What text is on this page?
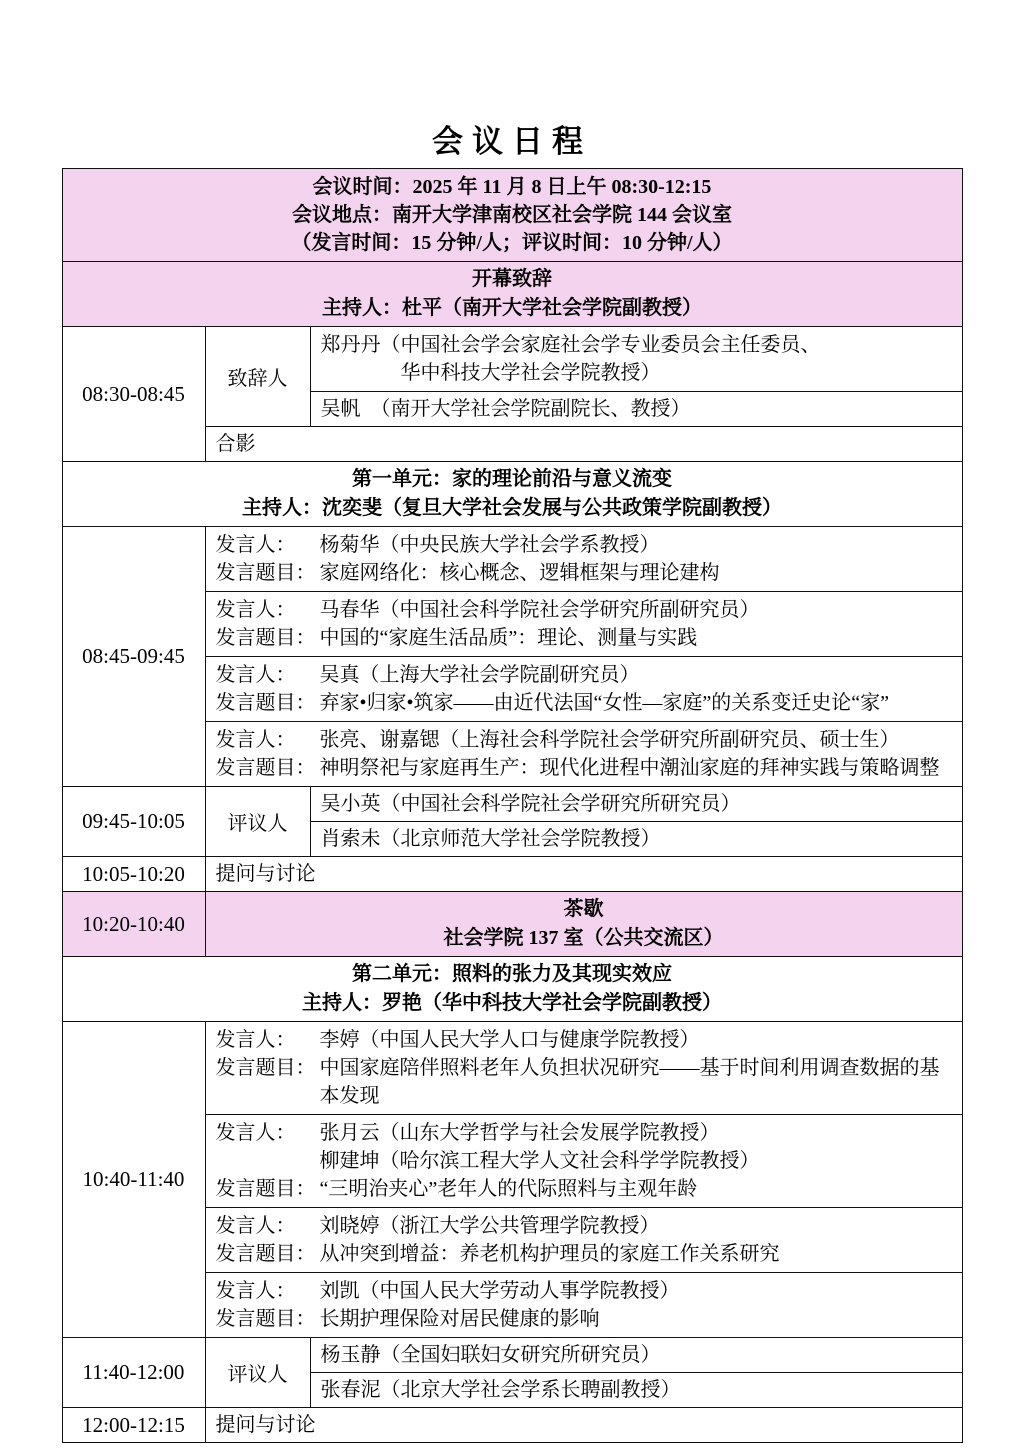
会议日程
会议时间：2025 年 11 月 8 日上午 08:30-12:15
会议地点：南开大学津南校区社会学院 144 会议室
（发言时间：15 分钟/人；评议时间：10 分钟/人）		

开幕致辞
主持人：杜平（南开大学社会学院副教授）		

08:30-08:45	致辞人	郑丹丹（中国社会学会家庭社会学专业委员会主任委员、
华中科技大学社会学院教授）

		吴帆　（南开大学社会学院副院长、教授）
	合影	

第一单元：家的理论前沿与意义流变
主持人：沈奕斐（复旦大学社会发展与公共政策学院副教授）		

08:45-09:45	发言人： 杨菊华（中央民族大学社会学系教授）
发言题目： 家庭网络化：核心概念、逻辑框架与理论建构	

	发言人： 马春华（中国社会科学院社会学研究所副研究员）
发言题目： 中国的“家庭生活品质”：理论、测量与实践	

	发言人： 吴真（上海大学社会学院副研究员）
发言题目： 弃家•归家•筑家——由近代法国“女性—家庭”的关系变迁史论“家”	

	发言人： 张亮、谢嘉锶（上海社会科学院社会学研究所副研究员、硕士生）
发言题目： 神明祭祀与家庭再生产：现代化进程中潮汕家庭的拜神实践与策略调整	

09:45-10:05	评议人	吴小英（中国社会科学院社会学研究所研究员）
		肖索未（北京师范大学社会学院教授）
10:05-10:20	提问与讨论	
10:20-10:40	茶歇
社会学院 137 室（公共交流区）	

第二单元：照料的张力及其现实效应
主持人：罗艳（华中科技大学社会学院副教授）		

10:40-11:40	发言人： 李婷（中国人民大学人口与健康学院教授）
发言题目： 中国家庭陪伴照料老年人负担状况研究——基于时间利用调查数据的基本发现	

	发言人： 张月云（山东大学哲学与社会发展学院教授）
柳建坤（哈尔滨工程大学人文社会科学学院教授）
发言题目： “三明治夹心”老年人的代际照料与主观年龄	

	发言人： 刘晓婷（浙江大学公共管理学院教授）
发言题目： 从冲突到增益：养老机构护理员的家庭工作关系研究	

	发言人： 刘凯（中国人民大学劳动人事学院教授）
发言题目： 长期护理保险对居民健康的影响	

11:40-12:00	评议人	杨玉静（全国妇联妇女研究所研究员）
		张春泥（北京大学社会学系长聘副教授）
12:00-12:15	提问与讨论	
